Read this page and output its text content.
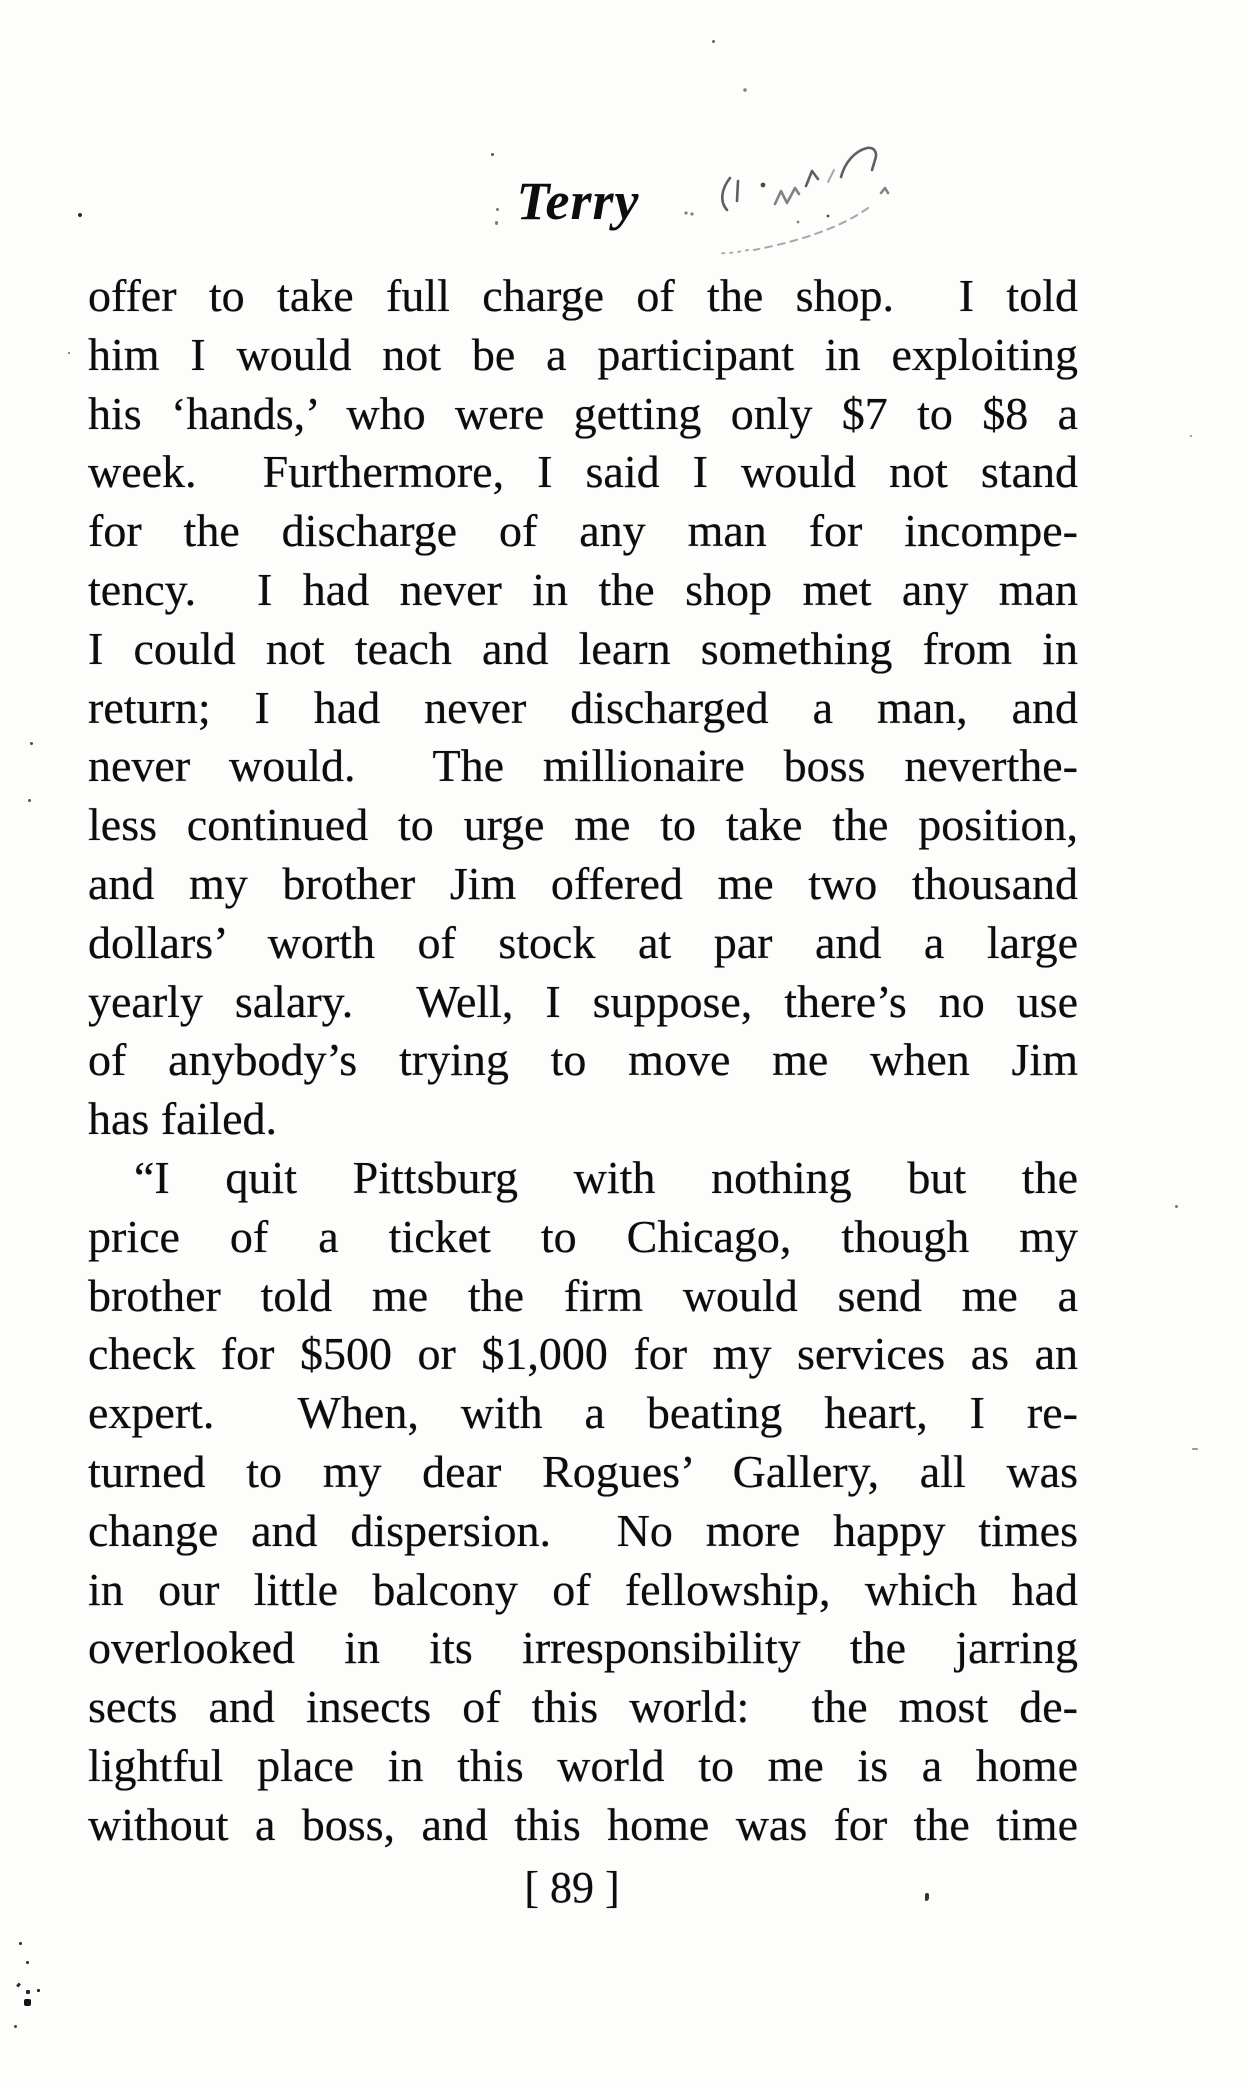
Terry
offer to take full charge of the shop.  I told
him I would not be a participant in exploiting
his ‘hands,’ who were getting only $7 to $8 a
week.  Furthermore, I said I would not stand
for the discharge of any man for incompe-
tency.  I had never in the shop met any man
I could not teach and learn something from in
return; I had never discharged a man, and
never would.  The millionaire boss neverthe-
less continued to urge me to take the position,
and my brother Jim offered me two thousand
dollars’ worth of stock at par and a large
yearly salary.  Well, I suppose, there’s no use
of anybody’s trying to move me when Jim
has failed.
“I quit Pittsburg with nothing but the
price of a ticket to Chicago, though my
brother told me the firm would send me a
check for $500 or $1,000 for my services as an
expert.  When, with a beating heart, I re-
turned to my dear Rogues’ Gallery, all was
change and dispersion.  No more happy times
in our little balcony of fellowship, which had
overlooked in its irresponsibility the jarring
sects and insects of this world:  the most de-
lightful place in this world to me is a home
without a boss, and this home was for the time
[ 89 ]
